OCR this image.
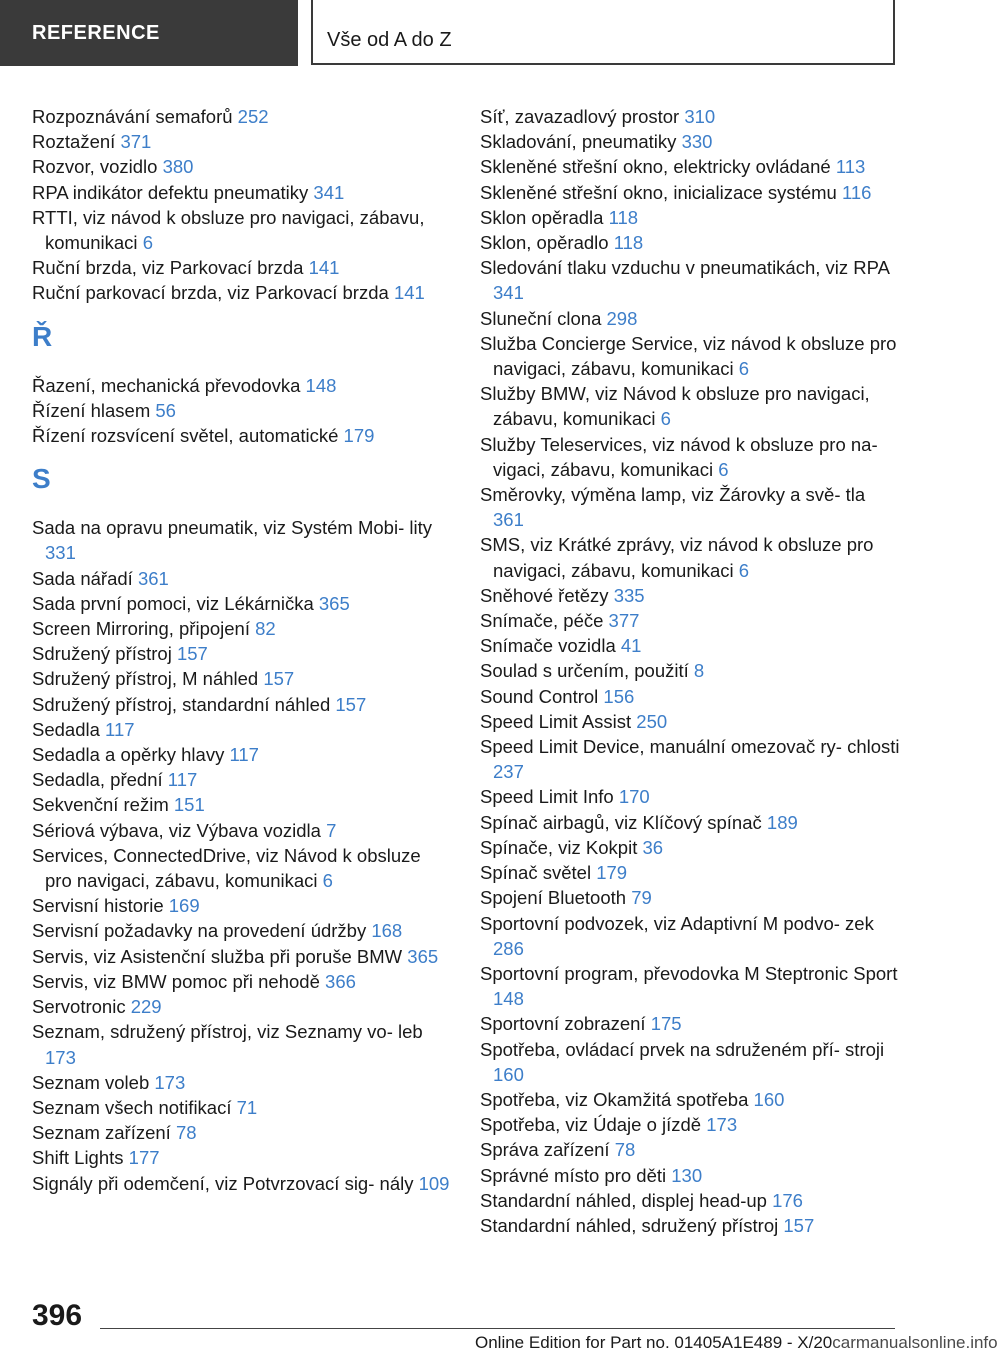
REFERENCE	Vše od A do Z
Rozpoznávání semaforů 252
Roztažení 371
Rozvor, vozidlo 380
RPA indikátor defektu pneumatiky 341
RTTI, viz návod k obsluze pro navigaci, zábavu, komunikaci 6
Ruční brzda, viz Parkovací brzda 141
Ruční parkovací brzda, viz Parkovací brzda 141
Ř
Řazení, mechanická převodovka 148
Řízení hlasem 56
Řízení rozsvícení světel, automatické 179
S
Sada na opravu pneumatik, viz Systém Mobi‐ lity 331
Sada nářadí 361
Sada první pomoci, viz Lékárnička 365
Screen Mirroring, připojení 82
Sdružený přístroj 157
Sdružený přístroj, M náhled 157
Sdružený přístroj, standardní náhled 157
Sedadla 117
Sedadla a opěrky hlavy 117
Sedadla, přední 117
Sekvenční režim 151
Sériová výbava, viz Výbava vozidla 7
Services, ConnectedDrive, viz Návod k obsluze pro navigaci, zábavu, komunikaci 6
Servisní historie 169
Servisní požadavky na provedení údržby 168
Servis, viz Asistenční služba při poruše BMW 365
Servis, viz BMW pomoc při nehodě 366
Servotronic 229
Seznam, sdružený přístroj, viz Seznamy vo‐ leb 173
Seznam voleb 173
Seznam všech notifikací 71
Seznam zařízení 78
Shift Lights 177
Signály při odemčení, viz Potvrzovací sig‐ nály 109
Síť, zavazadlový prostor 310
Skladování, pneumatiky 330
Skleněné střešní okno, elektricky ovládané 113
Skleněné střešní okno, inicializace systému 116
Sklon opěradla 118
Sklon, opěradlo 118
Sledování tlaku vzduchu v pneumatikách, viz RPA 341
Sluneční clona 298
Služba Concierge Service, viz návod k obsluze pro navigaci, zábavu, komunikaci 6
Služby BMW, viz Návod k obsluze pro navigaci, zábavu, komunikaci 6
Služby Teleservices, viz návod k obsluze pro na‐ vigaci, zábavu, komunikaci 6
Směrovky, výměna lamp, viz Žárovky a svě‐ tla 361
SMS, viz Krátké zprávy, viz návod k obsluze pro navigaci, zábavu, komunikaci 6
Sněhové řetězy 335
Snímače, péče 377
Snímače vozidla 41
Soulad s určením, použití 8
Sound Control 156
Speed Limit Assist 250
Speed Limit Device, manuální omezovač ry‐ chlosti 237
Speed Limit Info 170
Spínač airbagů, viz Klíčový spínač 189
Spínače, viz Kokpit 36
Spínač světel 179
Spojení Bluetooth 79
Sportovní podvozek, viz Adaptivní M podvo‐ zek 286
Sportovní program, převodovka M Steptronic Sport 148
Sportovní zobrazení 175
Spotřeba, ovládací prvek na sdruženém pří‐ stroji 160
Spotřeba, viz Okamžitá spotřeba 160
Spotřeba, viz Údaje o jízdě 173
Správa zařízení 78
Správné místo pro děti 130
Standardní náhled, displej head-up 176
Standardní náhled, sdružený přístroj 157
396
Online Edition for Part no. 01405A1E489 - X/20carmanualsonline.info
